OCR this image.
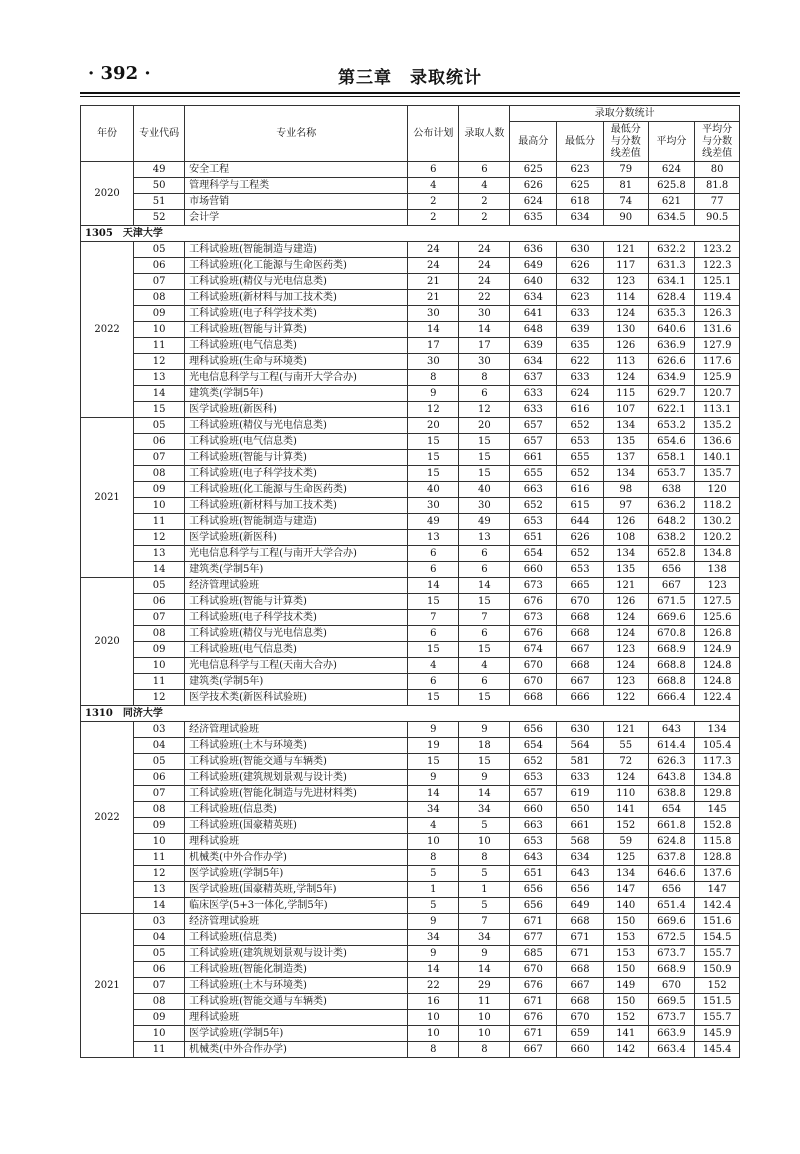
· 392 ·	第三章　录取统计
年份	专业代码	专业名称	公布计划	录取人数	录取分数统计				
					最高分	最低分	最低分与分数线差值	平均分	平均分与分数线差值
2020	49	安全工程	6	6	625	623	79	624	80
	50	管理科学与工程类	4	4	626	625	81	625.8	81.8
	51	市场营销	2	2	624	618	74	621	77
	52	会计学	2	2	635	634	90	634.5	90.5
1305　天津大学									
2022	05	工科试验班(智能制造与建造)	24	24	636	630	121	632.2	123.2
	06	工科试验班(化工能源与生命医药类)	24	24	649	626	117	631.3	122.3
	07	工科试验班(精仪与光电信息类)	21	24	640	632	123	634.1	125.1
	08	工科试验班(新材料与加工技术类)	21	22	634	623	114	628.4	119.4
	09	工科试验班(电子科学技术类)	30	30	641	633	124	635.3	126.3
	10	工科试验班(智能与计算类)	14	14	648	639	130	640.6	131.6
	11	工科试验班(电气信息类)	17	17	639	635	126	636.9	127.9
	12	理科试验班(生命与环境类)	30	30	634	622	113	626.6	117.6
	13	光电信息科学与工程(与南开大学合办)	8	8	637	633	124	634.9	125.9
	14	建筑类(学制5年)	9	6	633	624	115	629.7	120.7
	15	医学试验班(新医科)	12	12	633	616	107	622.1	113.1
2021	05	工科试验班(精仪与光电信息类)	20	20	657	652	134	653.2	135.2
	06	工科试验班(电气信息类)	15	15	657	653	135	654.6	136.6
	07	工科试验班(智能与计算类)	15	15	661	655	137	658.1	140.1
	08	工科试验班(电子科学技术类)	15	15	655	652	134	653.7	135.7
	09	工科试验班(化工能源与生命医药类)	40	40	663	616	98	638	120
	10	工科试验班(新材料与加工技术类)	30	30	652	615	97	636.2	118.2
	11	工科试验班(智能制造与建造)	49	49	653	644	126	648.2	130.2
	12	医学试验班(新医科)	13	13	651	626	108	638.2	120.2
	13	光电信息科学与工程(与南开大学合办)	6	6	654	652	134	652.8	134.8
	14	建筑类(学制5年)	6	6	660	653	135	656	138
2020	05	经济管理试验班	14	14	673	665	121	667	123
	06	工科试验班(智能与计算类)	15	15	676	670	126	671.5	127.5
	07	工科试验班(电子科学技术类)	7	7	673	668	124	669.6	125.6
	08	工科试验班(精仪与光电信息类)	6	6	676	668	124	670.8	126.8
	09	工科试验班(电气信息类)	15	15	674	667	123	668.9	124.9
	10	光电信息科学与工程(天南大合办)	4	4	670	668	124	668.8	124.8
	11	建筑类(学制5年)	6	6	670	667	123	668.8	124.8
	12	医学技术类(新医科试验班)	15	15	668	666	122	666.4	122.4
1310　同济大学									
2022	03	经济管理试验班	9	9	656	630	121	643	134
	04	工科试验班(土木与环境类)	19	18	654	564	55	614.4	105.4
	05	工科试验班(智能交通与车辆类)	15	15	652	581	72	626.3	117.3
	06	工科试验班(建筑规划景观与设计类)	9	9	653	633	124	643.8	134.8
	07	工科试验班(智能化制造与先进材料类)	14	14	657	619	110	638.8	129.8
	08	工科试验班(信息类)	34	34	660	650	141	654	145
	09	工科试验班(国豪精英班)	4	5	663	661	152	661.8	152.8
	10	理科试验班	10	10	653	568	59	624.8	115.8
	11	机械类(中外合作办学)	8	8	643	634	125	637.8	128.8
	12	医学试验班(学制5年)	5	5	651	643	134	646.6	137.6
	13	医学试验班(国豪精英班,学制5年)	1	1	656	656	147	656	147
	14	临床医学(5+3一体化,学制5年)	5	5	656	649	140	651.4	142.4
2021	03	经济管理试验班	9	7	671	668	150	669.6	151.6
	04	工科试验班(信息类)	34	34	677	671	153	672.5	154.5
	05	工科试验班(建筑规划景观与设计类)	9	9	685	671	153	673.7	155.7
	06	工科试验班(智能化制造类)	14	14	670	668	150	668.9	150.9
	07	工科试验班(土木与环境类)	22	29	676	667	149	670	152
	08	工科试验班(智能交通与车辆类)	16	11	671	668	150	669.5	151.5
	09	理科试验班	10	10	676	670	152	673.7	155.7
	10	医学试验班(学制5年)	10	10	671	659	141	663.9	145.9
	11	机械类(中外合作办学)	8	8	667	660	142	663.4	145.4
